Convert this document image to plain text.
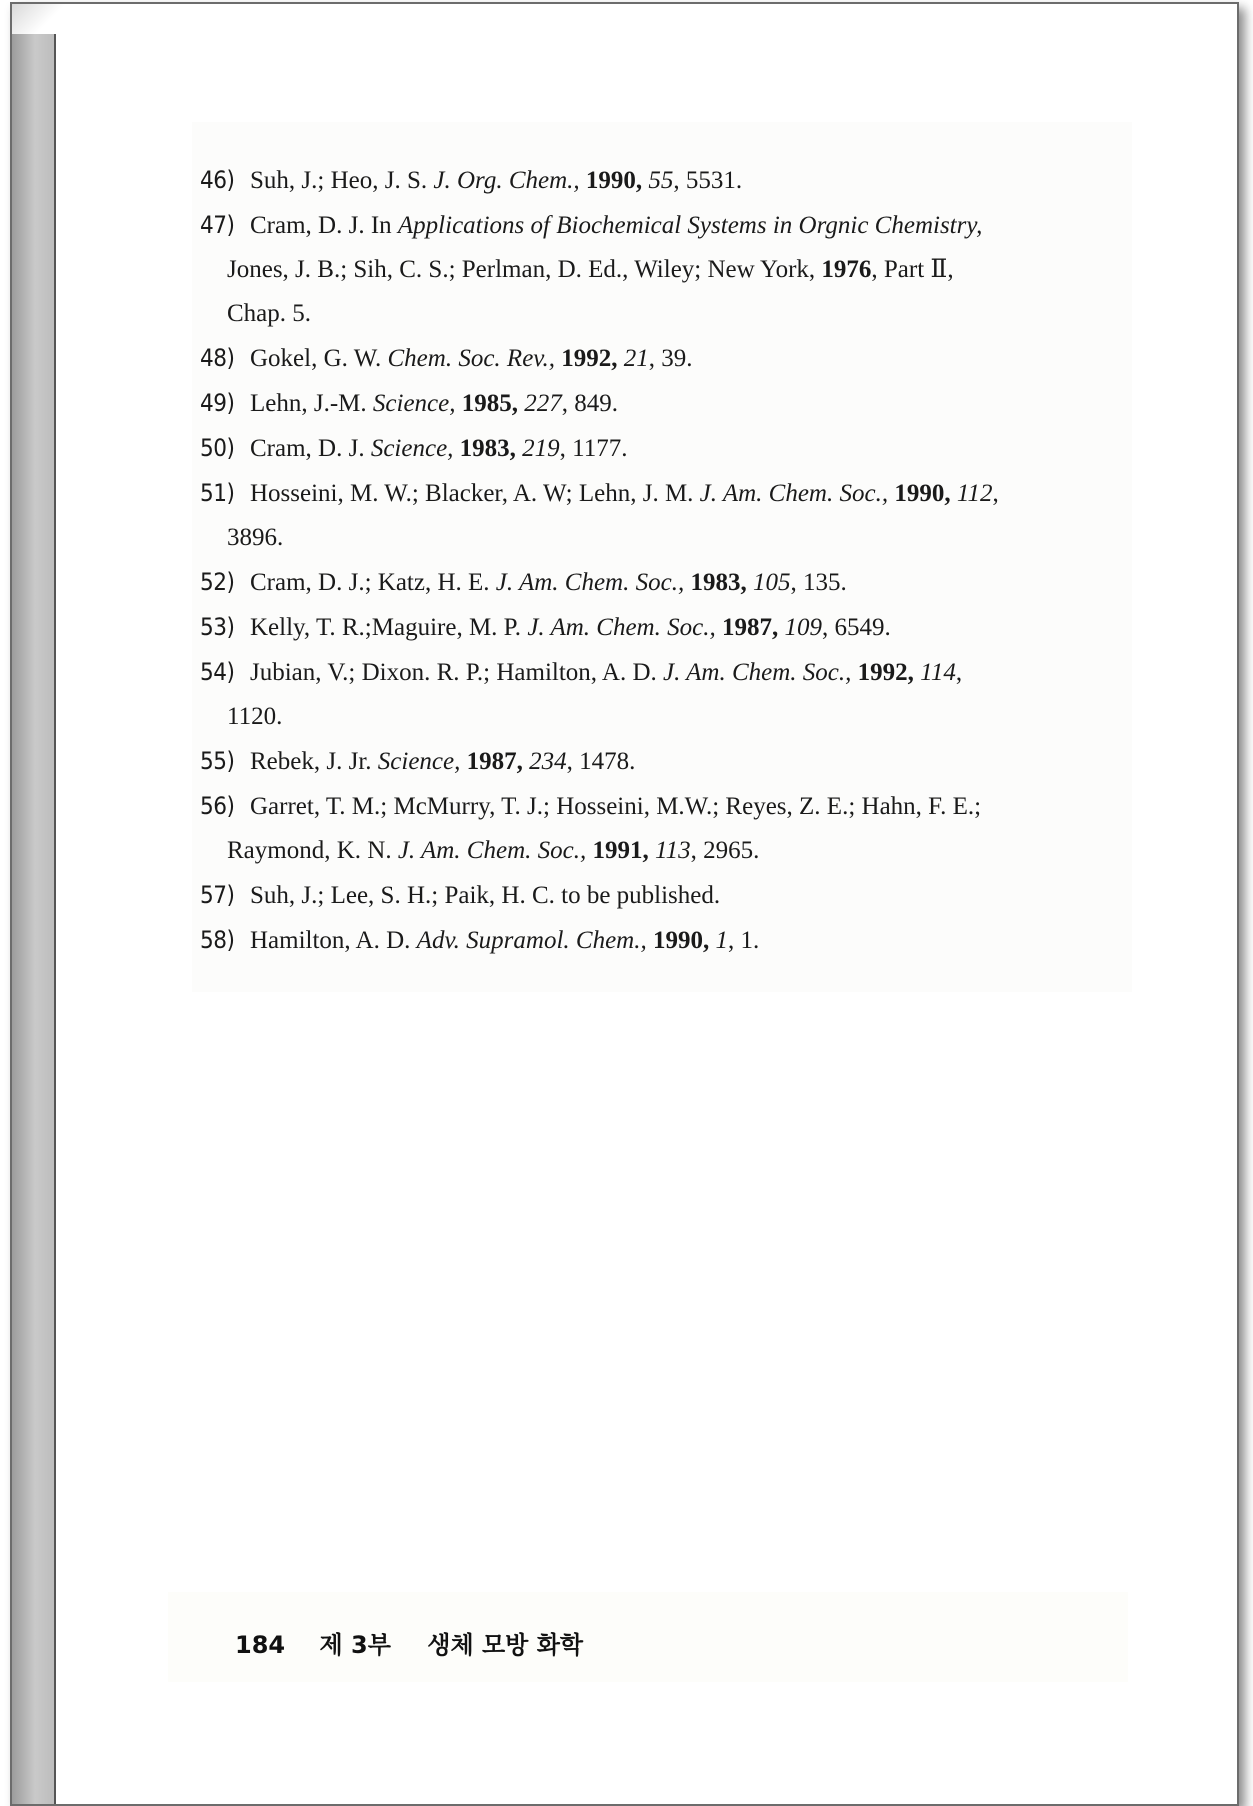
46) Suh, J.; Heo, J. S. J. Org. Chem., 1990, 55, 5531.
47) Cram, D. J. In Applications of Biochemical Systems in Orgnic Chemistry,
Jones, J. B.; Sih, C. S.; Perlman, D. Ed., Wiley; New York, 1976, Part Ⅱ,
Chap. 5.
48) Gokel, G. W. Chem. Soc. Rev., 1992, 21, 39.
49) Lehn, J.-M. Science, 1985, 227, 849.
50) Cram, D. J. Science, 1983, 219, 1177.
51) Hosseini, M. W.; Blacker, A. W; Lehn, J. M. J. Am. Chem. Soc., 1990, 112,
3896.
52) Cram, D. J.; Katz, H. E. J. Am. Chem. Soc., 1983, 105, 135.
53) Kelly, T. R.;Maguire, M. P. J. Am. Chem. Soc., 1987, 109, 6549.
54) Jubian, V.; Dixon. R. P.; Hamilton, A. D. J. Am. Chem. Soc., 1992, 114,
1120.
55) Rebek, J. Jr. Science, 1987, 234, 1478.
56) Garret, T. M.; McMurry, T. J.; Hosseini, M.W.; Reyes, Z. E.; Hahn, F. E.;
Raymond, K. N. J. Am. Chem. Soc., 1991, 113, 2965.
57) Suh, J.; Lee, S. H.; Paik, H. C. to be published.
58) Hamilton, A. D. Adv. Supramol. Chem., 1990, 1, 1.
184 제 3부 생체 모방 화학
